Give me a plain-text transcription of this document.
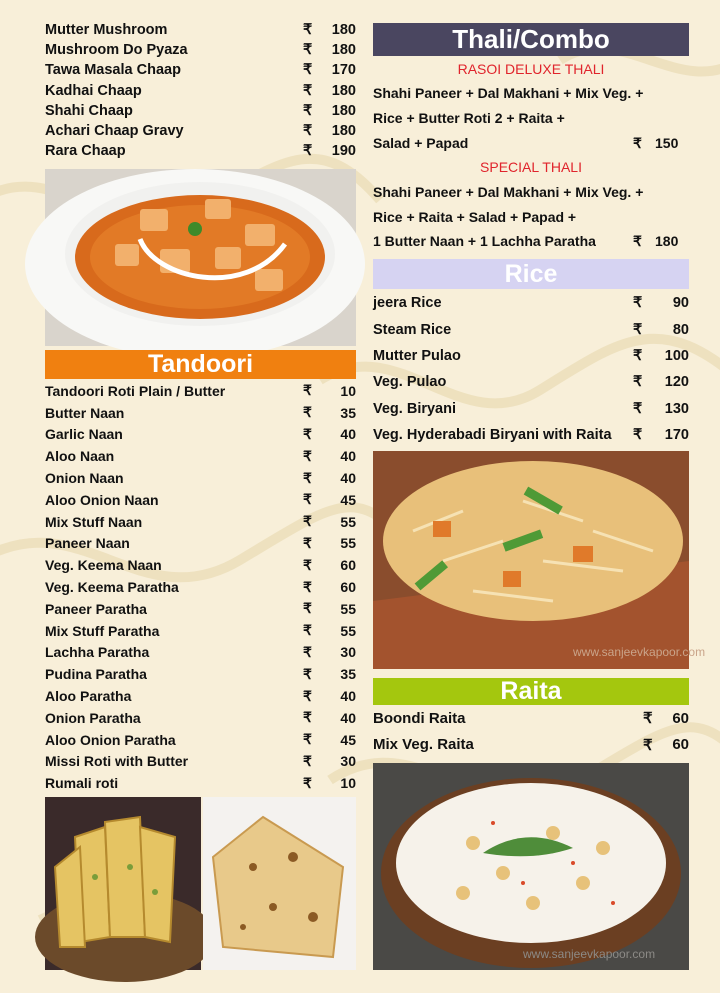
Mutter Mushroom	₹ 180
Mushroom Do Pyaza	₹ 180
Tawa Masala Chaap	₹ 170
Kadhai Chaap	₹ 180
Shahi Chaap	₹ 180
Achari Chaap Gravy	₹ 180
Rara Chaap	₹ 190
Tandoori
Tandoori Roti Plain / Butter	₹ 10
Butter Naan	₹ 35
Garlic Naan	₹ 40
Aloo Naan	₹ 40
Onion Naan	₹ 40
Aloo Onion Naan	₹ 45
Mix Stuff Naan	₹ 55
Paneer Naan	₹ 55
Veg. Keema Naan	₹ 60
Veg. Keema Paratha	₹ 60
Paneer Paratha	₹ 55
Mix Stuff Paratha	₹ 55
Lachha Paratha	₹ 30
Pudina Paratha	₹ 35
Aloo Paratha	₹ 40
Onion Paratha	₹ 40
Aloo Onion Paratha	₹ 45
Missi Roti with Butter	₹ 30
Rumali roti	₹ 10
Thali/Combo
RASOI DELUXE THALI
Shahi Paneer + Dal Makhani + Mix Veg. +
Rice + Butter Roti 2 + Raita +
Salad + Papad	₹ 150
SPECIAL THALI
Shahi Paneer + Dal Makhani + Mix Veg. +
Rice + Raita + Salad + Papad +
1 Butter Naan + 1 Lachha Paratha	₹ 180
Rice
jeera Rice	₹ 90
Steam Rice	₹ 80
Mutter Pulao	₹ 100
Veg. Pulao	₹ 120
Veg. Biryani	₹ 130
Veg. Hyderabadi Biryani with Raita	₹ 170
www.sanjeevkapoor.com
Raita
Boondi Raita	₹ 60
Mix Veg. Raita	₹ 60
www.sanjeevkapoor.com
